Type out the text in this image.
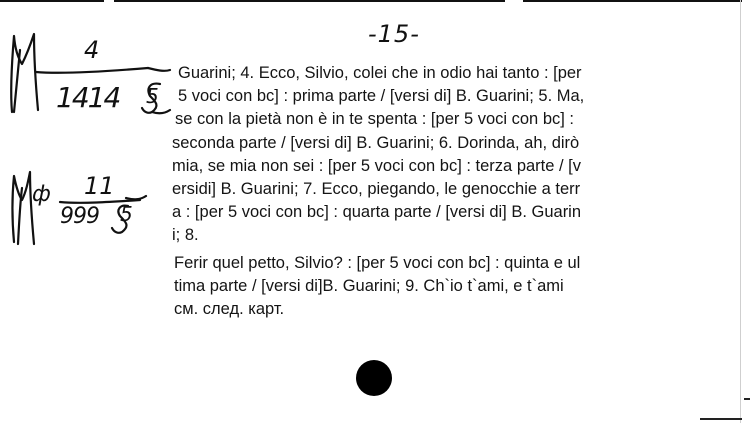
-15-
4
1414 5
ф 11
999 5
Guarini; 4. Ecco, Silvio, colei che in odio hai tanto : [per
5 voci con bc] : prima parte / [versi di] B. Guarini; 5. Ma,
se con la pietà non è in te spenta : [per 5 voci con bc] :
seconda parte / [versi di] B. Guarini; 6. Dorinda, ah, dirò
mia, se mia non sei : [per 5 voci con bc] : terza parte / [v
ersidi] B. Guarini; 7. Ecco, piegando, le genocchie a terr
a : [per 5 voci con bc] : quarta parte / [versi di] B. Guarin
i; 8.
Ferir quel petto, Silvio? : [per 5 voci con bc] : quinta e ul
tima parte / [versi di]B. Guarini; 9. Ch`io t`ami, e t`ami
см. след. карт.
